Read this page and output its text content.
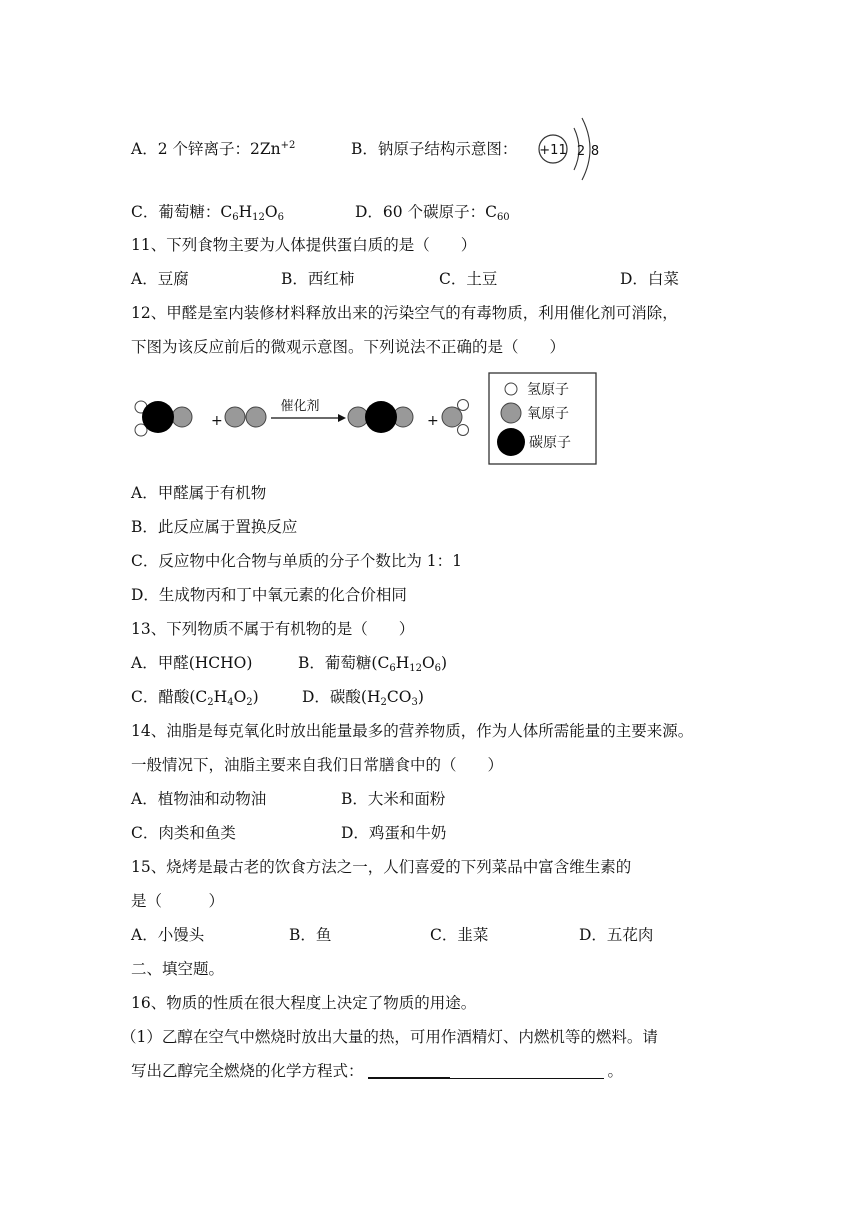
A．2 个锌离子：$2Zn^{+2}$	B．钠原子结构示意图： +11 2 8
C．葡萄糖：$C_6H_{12}O_6$	D．60 个碳原子：$C_{60}$
11、下列食物主要为人体提供蛋白质的是（　　）
A．豆腐	B．西红柿	C．土豆	D．白菜
12、甲醛是室内装修材料释放出来的污染空气的有毒物质，利用催化剂可消除，
下图为该反应前后的微观示意图。下列说法不正确的是（　　）
+
催化剂
+
氢原子
氧原子
碳原子
A．甲醛属于有机物
B．此反应属于置换反应
C．反应物中化合物与单质的分子个数比为 1：1
D．生成物丙和丁中氧元素的化合价相同
13、下列物质不属于有机物的是（　　）
A．甲醛(HCHO)	B．葡萄糖$(C_6H_{12}O_6)$
C．醋酸$(C_2H_4O_2)$	D．碳酸$(H_2CO_3)$
14、油脂是每克氧化时放出能量最多的营养物质，作为人体所需能量的主要来源。
一般情况下，油脂主要来自我们日常膳食中的（　　）
A．植物油和动物油	B．大米和面粉
C．肉类和鱼类	D．鸡蛋和牛奶
15、烧烤是最古老的饮食方法之一，人们喜爱的下列菜品中富含维生素的
是（　　　）
A．小馒头	B．鱼	C．韭菜	D．五花肉
二、填空题。
16、物质的性质在很大程度上决定了物质的用途。
（1）乙醇在空气中燃烧时放出大量的热，可用作酒精灯、内燃机等的燃料。请
写出乙醇完全燃烧的化学方程式：	。
